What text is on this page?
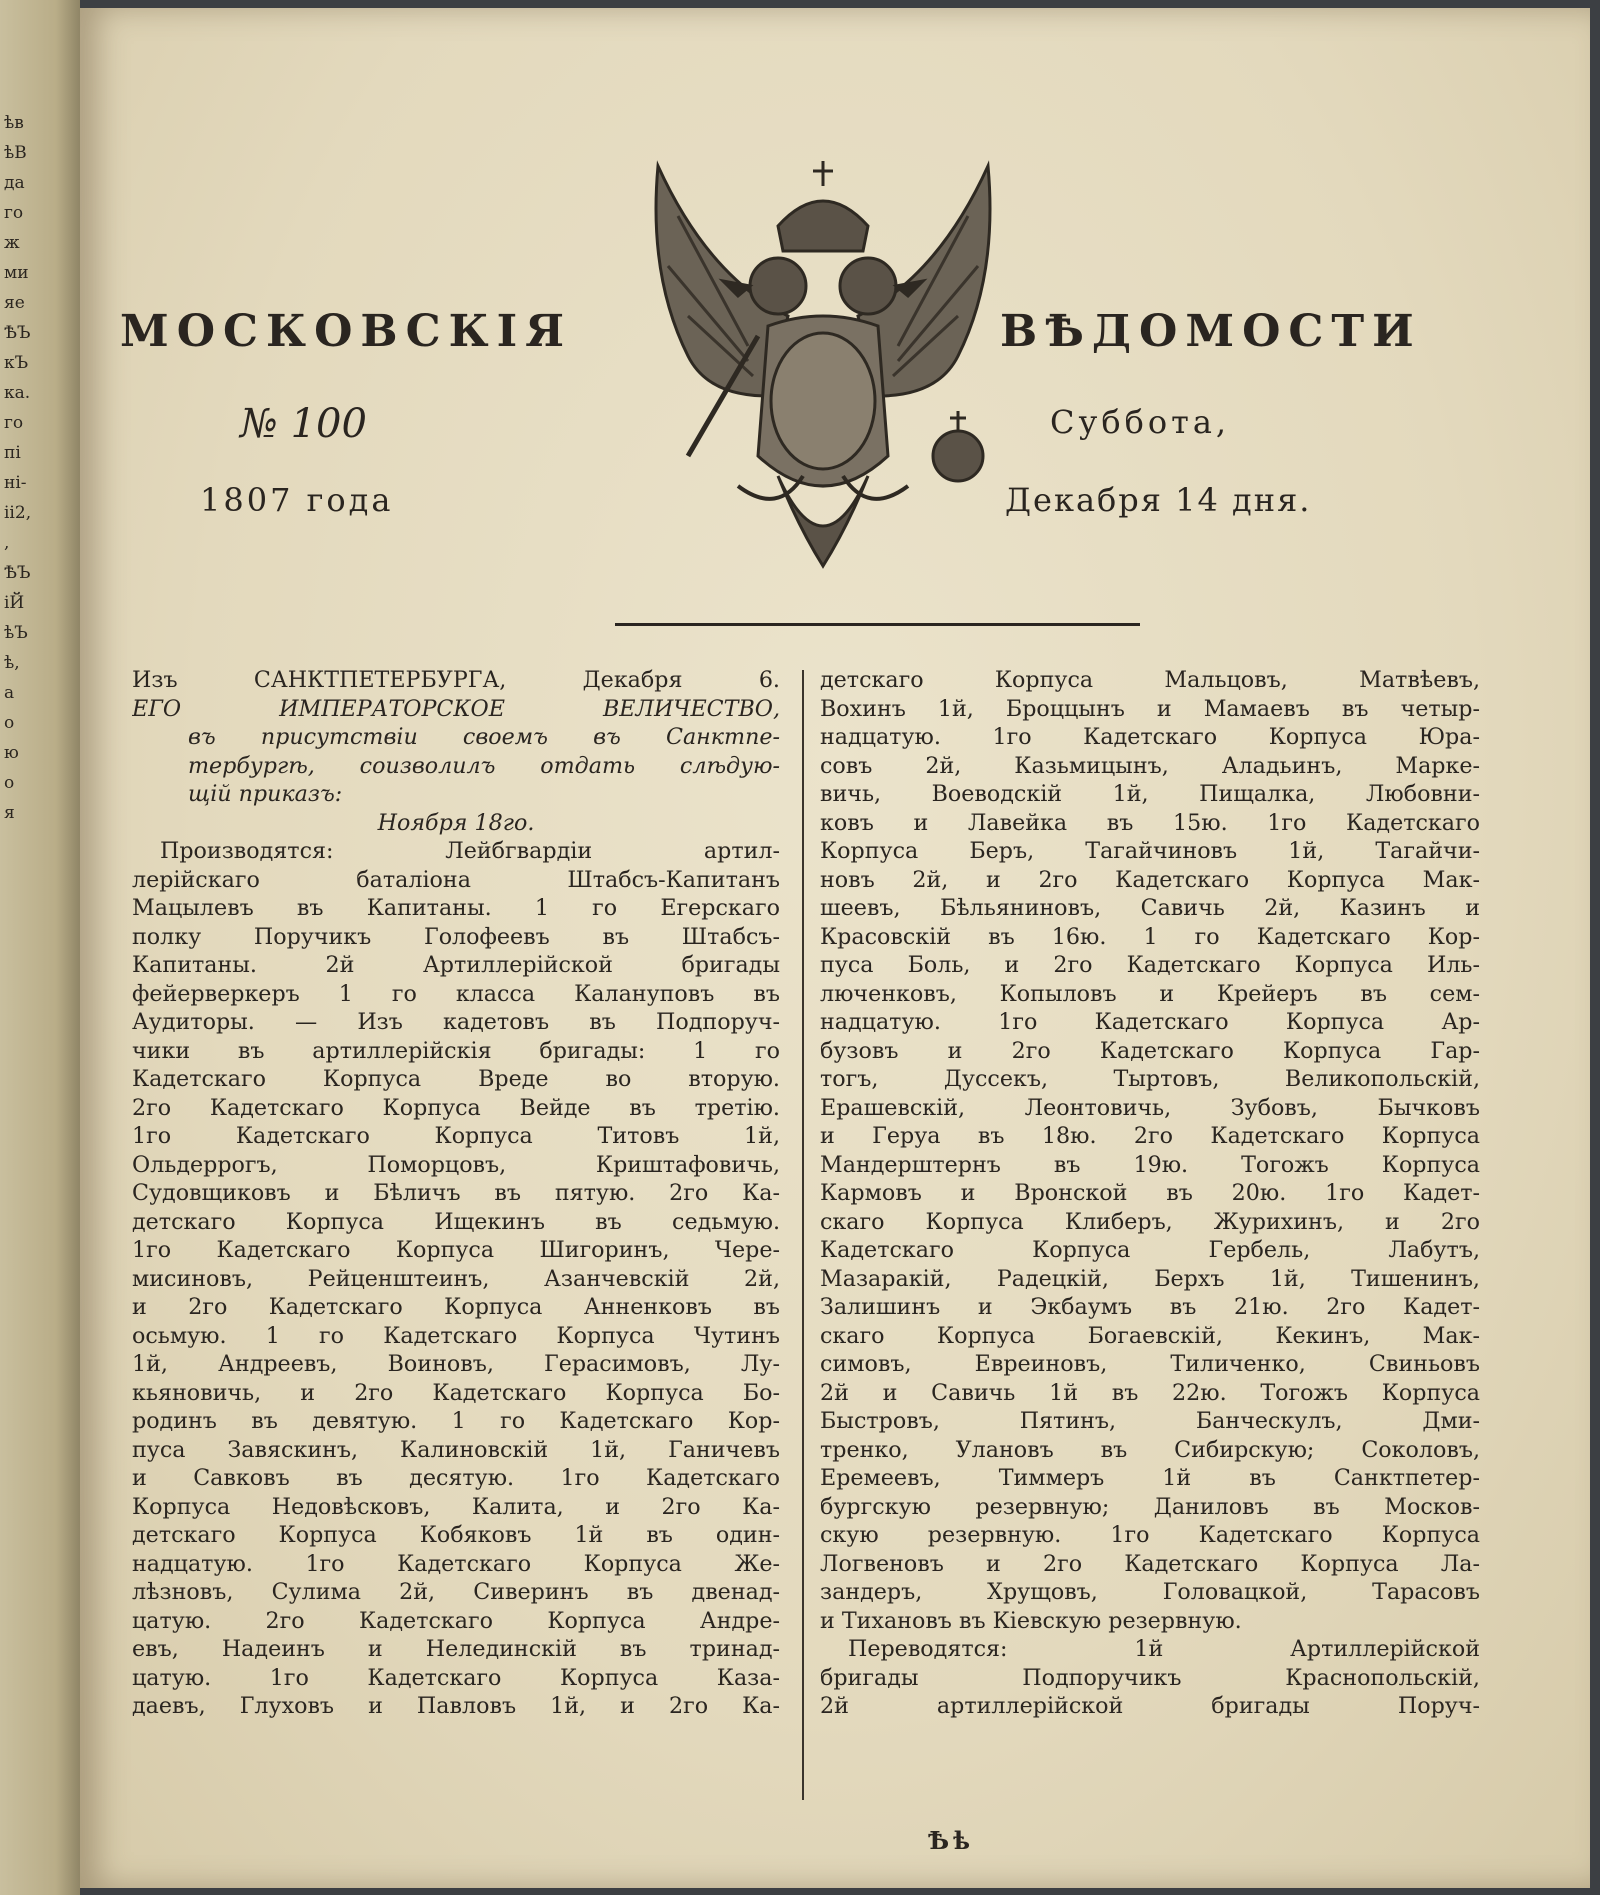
ѣв
ѣВ
да
го
ж
ми
яе
ѢЪ
кЪ
ка.
го
пі
ні-
іі2,
,
ѢЪ
іЙ
ѣЪ
ѣ,
а
о
ю
о
я
МОСКОВСКІЯ	ВѢДОМОСТИ
№ 100	Суббота,
1807 года	Декабря 14 дня.
Изъ САНКТПЕТЕРБУРГА, Декабря 6.
ЕГО ИМПЕРАТОРСКОЕ ВЕЛИЧЕСТВО,
въ присутствіи своемъ въ Санктпе-
тербургѣ, соизволилъ отдать слѣдую-
щій приказъ:
Ноября 18го.
Производятся: Лейбгвардіи артил-
лерійскаго баталіона Штабсъ-Капитанъ
Мацылевъ въ Капитаны. 1 го Егерскаго
полку Поручикъ Голофеевъ въ Штабсъ-
Капитаны. 2й Артиллерійской бригады
фейерверкеръ 1 го класса Калануповъ въ
Аудиторы. — Изъ кадетовъ въ Подпоруч-
чики въ артиллерійскія бригады: 1 го
Кадетскаго Корпуса Вреде во вторую.
2го Кадетскаго Корпуса Вейде въ третію.
1го Кадетскаго Корпуса Титовъ 1й,
Ольдеррогъ, Поморцовъ, Криштафовичь,
Судовщиковъ и Бѣличъ въ пятую. 2го Ка-
детскаго Корпуса Ищекинъ въ седьмую.
1го Кадетскаго Корпуса Шигоринъ, Чере-
мисиновъ, Рейценштеинъ, Азанчевскій 2й,
и 2го Кадетскаго Корпуса Анненковъ въ
осьмую. 1 го Кадетскаго Корпуса Чутинъ
1й, Андреевъ, Воиновъ, Герасимовъ, Лу-
кьяновичь, и 2го Кадетскаго Корпуса Бо-
родинъ въ девятую. 1 го Кадетскаго Кор-
пуса Завяскинъ, Калиновскій 1й, Ганичевъ
и Савковъ въ десятую. 1го Кадетскаго
Корпуса Недовѣсковъ, Калита, и 2го Ка-
детскаго Корпуса Кобяковъ 1й въ один-
надцатую. 1го Кадетскаго Корпуса Же-
лѣзновъ, Сулима 2й, Сиверинъ въ двенад-
цатую. 2го Кадетскаго Корпуса Андре-
евъ, Надеинъ и Нелединскій въ тринад-
цатую. 1го Кадетскаго Корпуса Каза-
даевъ, Глуховъ и Павловъ 1й, и 2го Ка-
детскаго Корпуса Мальцовъ, Матвѣевъ,
Вохинъ 1й, Броццынъ и Мамаевъ въ четыр-
надцатую. 1го Кадетскаго Корпуса Юра-
совъ 2й, Казьмицынъ, Аладьинъ, Марке-
вичь, Воеводскій 1й, Пищалка, Любовни-
ковъ и Лавейка въ 15ю. 1го Кадетскаго
Корпуса Беръ, Тагайчиновъ 1й, Тагайчи-
новъ 2й, и 2го Кадетскаго Корпуса Мак-
шеевъ, Бѣльяниновъ, Савичь 2й, Казинъ и
Красовскій въ 16ю. 1 го Кадетскаго Кор-
пуса Боль, и 2го Кадетскаго Корпуса Иль-
люченковъ, Копыловъ и Крейеръ въ сем-
надцатую. 1го Кадетскаго Корпуса Ар-
бузовъ и 2го Кадетскаго Корпуса Гар-
тогъ, Дуссекъ, Тыртовъ, Великопольскій,
Ерашевскій, Леонтовичь, Зубовъ, Бычковъ
и Геруа въ 18ю. 2го Кадетскаго Корпуса
Мандерштернъ въ 19ю. Тогожъ Корпуса
Кармовъ и Вронской въ 20ю. 1го Кадет-
скаго Корпуса Клиберъ, Журихинъ, и 2го
Кадетскаго Корпуса Гербель, Лабутъ,
Мазаракій, Радецкій, Берхъ 1й, Тишенинъ,
Залишинъ и Экбаумъ въ 21ю. 2го Кадет-
скаго Корпуса Богаевскій, Кекинъ, Мак-
симовъ, Евреиновъ, Тиличенко, Свиньовъ
2й и Савичь 1й въ 22ю. Тогожъ Корпуса
Быстровъ, Пятинъ, Банческулъ, Дми-
тренко, Улановъ въ Сибирскую; Соколовъ,
Еремеевъ, Тиммеръ 1й въ Санктпетер-
бургскую резервную; Даниловъ въ Москов-
скую резервную. 1го Кадетскаго Корпуса
Логвеновъ и 2го Кадетскаго Корпуса Ла-
зандеръ, Хрущовъ, Головацкой, Тарасовъ
и Тихановъ въ Кіевскую резервную.
Переводятся: 1й Артиллерійской
бригады Подпоручикъ Краснопольскій,
2й артиллерійской бригады Поруч-
Ѣѣ
